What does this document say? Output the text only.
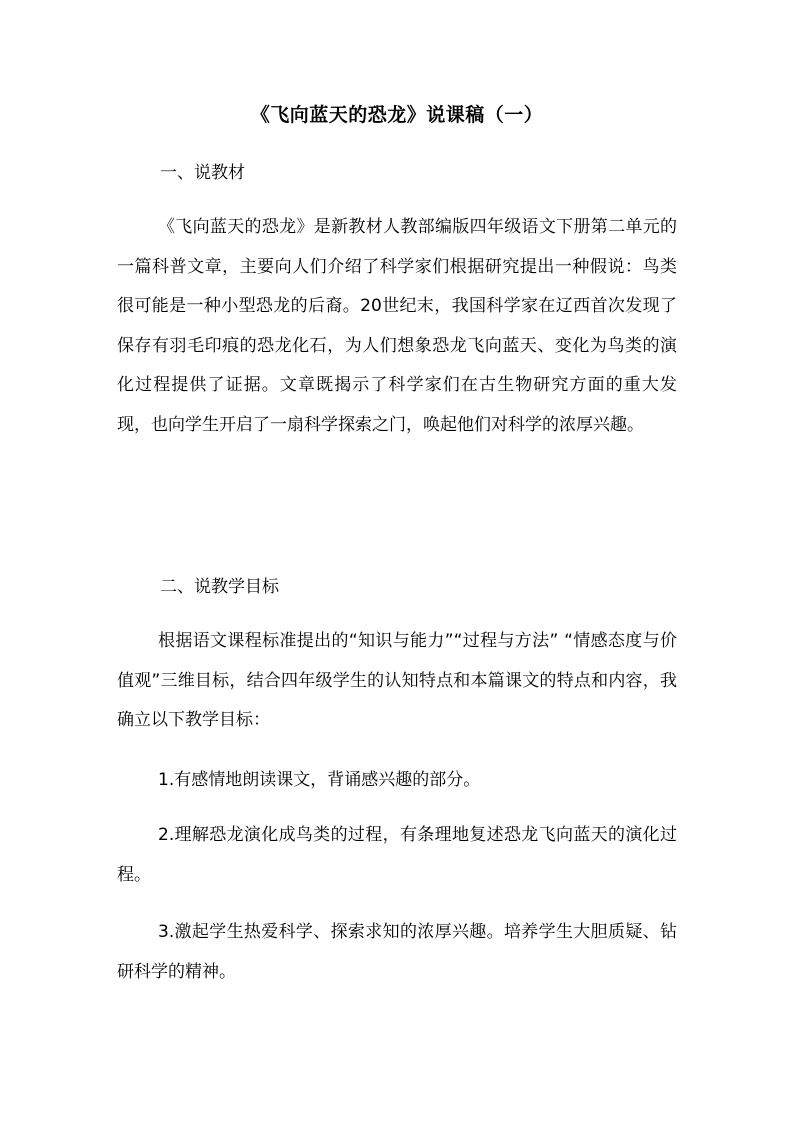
《飞向蓝天的恐龙》说课稿（一）
一、说教材

《飞向蓝天的恐龙》是新教材人教部编版四年级语文下册第二单元的一篇科普文章，主要向人们介绍了科学家们根据研究提出一种假说：鸟类很可能是一种小型恐龙的后裔。20世纪末，我国科学家在辽西首次发现了保存有羽毛印痕的恐龙化石，为人们想象恐龙飞向蓝天、变化为鸟类的演化过程提供了证据。文章既揭示了科学家们在古生物研究方面的重大发现，也向学生开启了一扇科学探索之门，唤起他们对科学的浓厚兴趣。

二、说教学目标

根据语文课程标准提出的“知识与能力”“过程与方法” “情感态度与价值观”三维目标，结合四年级学生的认知特点和本篇课文的特点和内容，我确立以下教学目标：

1.有感情地朗读课文，背诵感兴趣的部分。

2.理解恐龙演化成鸟类的过程，有条理地复述恐龙飞向蓝天的演化过程。

3.激起学生热爱科学、探索求知的浓厚兴趣。培养学生大胆质疑、钻研科学的精神。
